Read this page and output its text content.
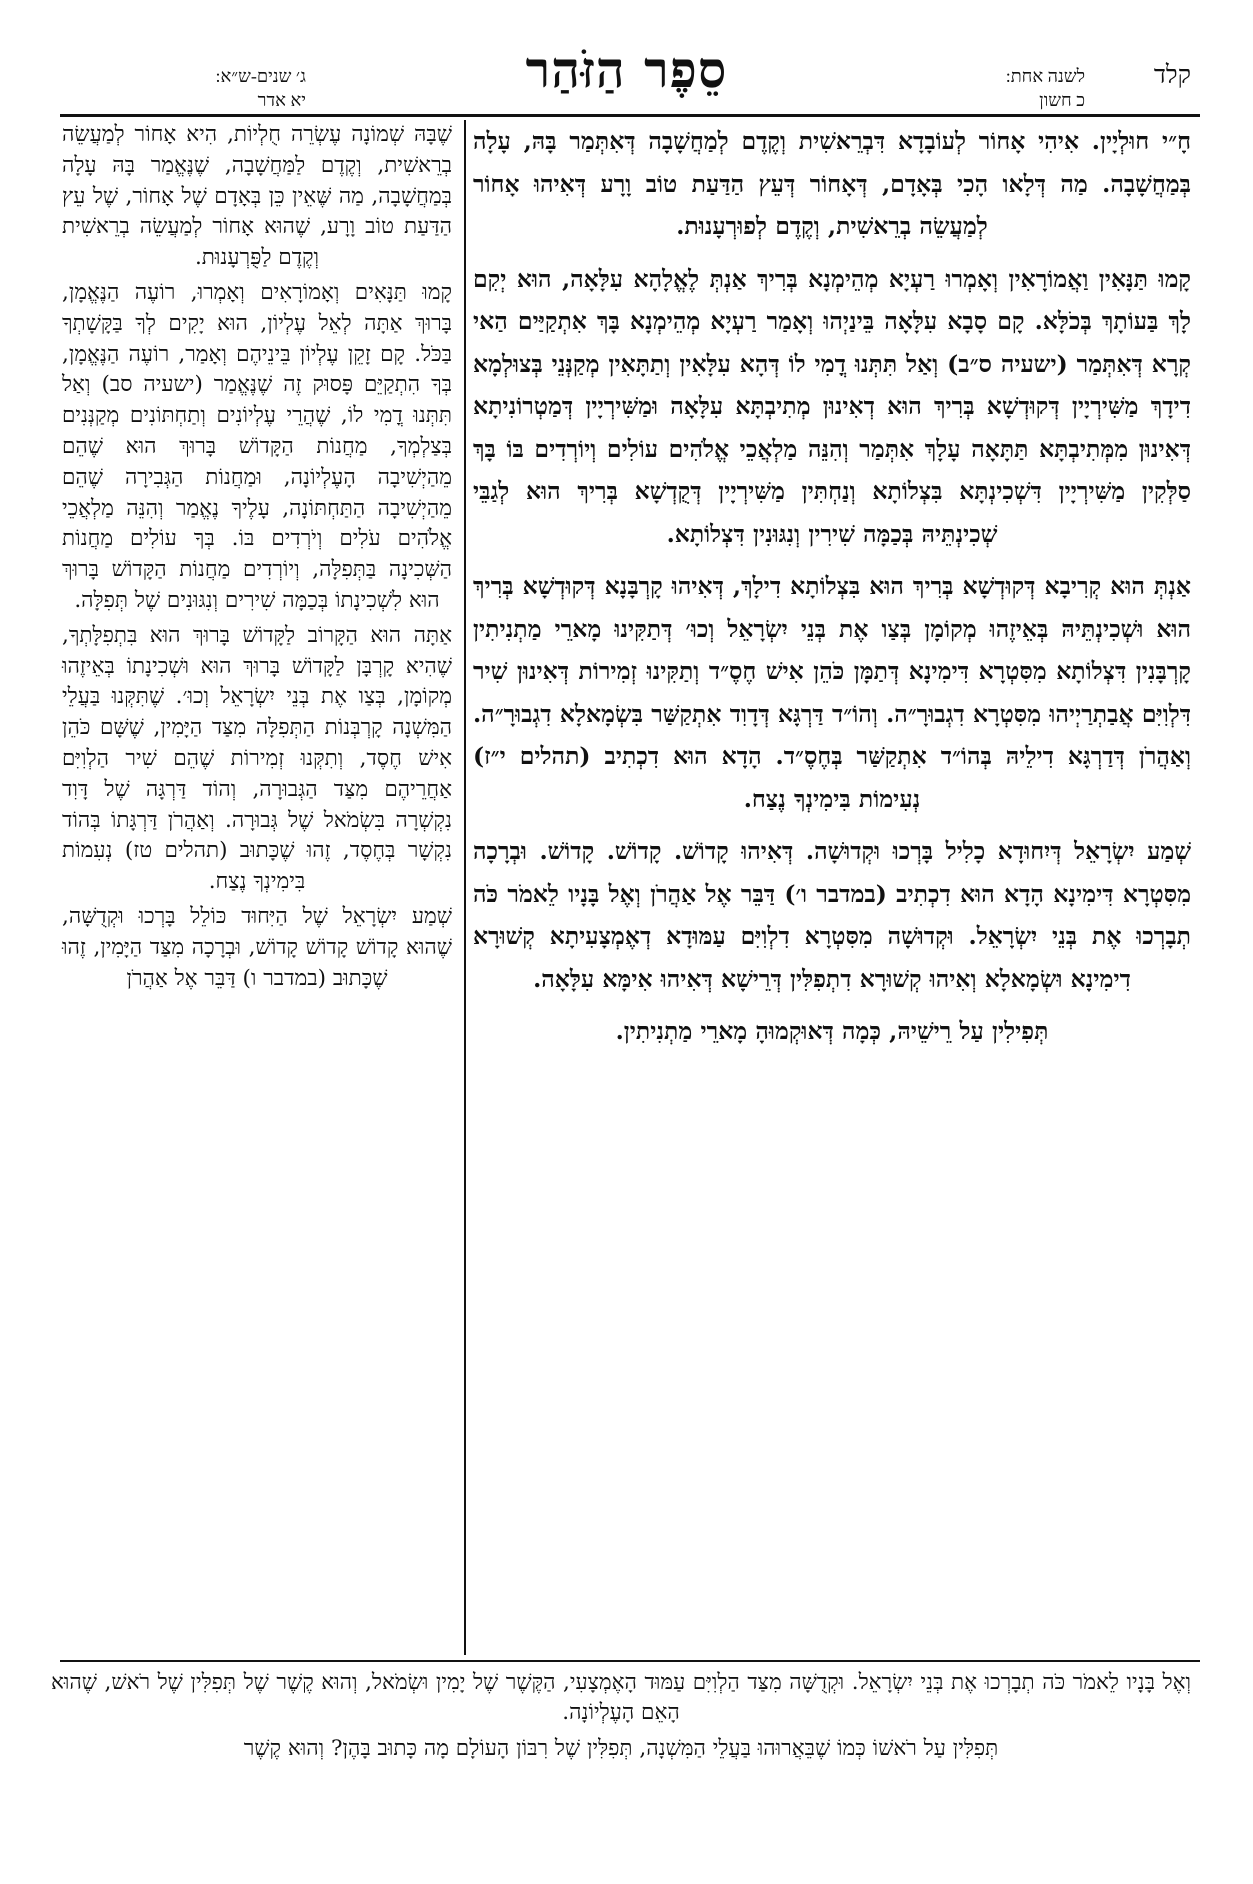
קלד
לשנה אחת:
כ חשון
סֵפֶר הַזֹּהַר
ג׳ שנים-ש״א:
יא אדר

חָ״י חוּלְיָין. אִיהִי אָחוֹר לְעוֹבָדָא דִּבְרֵאשִׁית וְקֶדֶם לְמַחֲשָׁבָה דְּאִתְּמַר בָּהּ, עָלָה בְּמַחֲשָׁבָה. מַה דְּלָאו הָכִי בְּאָדָם, דְּאָחוֹר דְּעֵץ הַדַּעַת טוֹב וָרָע דְּאִיהוּ אָחוֹר לְמַעֲשֵׂה בְרֵאשִׁית, וְקֶדֶם לְפוּרְעָנוּת.

קָמוּ תַּנָּאִין וַאֲמוֹרָאִין וְאָמְרוּ רַעְיָא מְהֵימְנָא בְּרִיךְ אַנְתְּ לֶאֱלָהָא עִלָּאָה, הוּא יְקִם לָךְ בַּעוֹתָךְ בְּכֹלָּא. קָם סָבָא עִלָּאָה בֵּינַיְהוּ וְאָמַר רַעְיָא מְהֵימְנָא בָּךְ אִתְקַיַּים הַאי קְרָא דְּאִתְּמַר (ישעיה ס״ב) וְאַל תִּתְּנוּ דֳמִי לוֹ דְּהָא עִלָּאִין וְתַתָּאִין מְקַנְּנֵי בְּצוּלְמָא דִידָךְ מַשִּׁירְיָין דְּקוּדְשָׁא בְּרִיךְ הוּא דְאִינוּן מְתִיבְתָּא עִלָּאָה וּמַשִּׁירְיָין דְּמַטְרוֹנִיתָא דְּאִינוּן מִמְּתִיבְתָּא תַּתָּאָה עָלָךְ אִתְּמַר וְהִנֵּה מַלְאֲכֵי אֱלֹהִים עוֹלִים וְיוֹרְדִים בּוֹ בָּךְ סַלְּקִין מַשִּׁירְיָין דִּשְׁכִינְתָּא בִּצְלוֹתָא וְנַחְתִּין מַשִּׁירְיָין דְּקֻדְשָׁא בְּרִיךְ הוּא לְגַבֵּי שְׁכִינְתֵּיהּ בְּכַמָּה שִׁירִין וְנִגּוּנִין דִּצְלוֹתָא.

אַנְתְּ הוּא קְרִיבָא דְּקוּדְשָׁא בְּרִיךְ הוּא בִּצְלוֹתָא דִילָךְ, דְּאִיהוּ קָרְבָּנָא דְּקוּדְשָׁא בְּרִיךְ הוּא וּשְׁכִינְתֵּיהּ בְּאֵיזֶהוּ מְקוֹמָן בְּצַו אֶת בְּנֵי יִשְׂרָאֵל וְכוּ׳ דְּתַקִּינוּ מָארֵי מַתְנִיתִין קָרְבָּנִין דִּצְלוֹתָא מִסִּטְרָא דִּימִינָא דְּתַמָּן כֹּהֵן אִישׁ חֶסֶ״ד וְתַקִּינוּ זְמִירוֹת דְּאִינוּן שִׁיר דִּלְוִיִּם אֲבַתְרַיְיהוּ מִסִּטְרָא דִגְבוּרָ״ה. וְהוֹ״ד דַּרְגָּא דְּדָוִד אִתְקַשַּׁר בִּשְׂמָאלָא דִגְבוּרָ״ה. וְאַהֲרֹן דְּדַרְגָּא דִילֵיהּ בְּהוֹ״ד אִתְקַשַּׁר בְּחֶסֶ״ד. הָדָא הוּא דִכְתִיב (תהלים י״ז) נְעִימוֹת בִּימִינְךָ נֶצַח.

שְׁמַע יִשְׂרָאֵל דְּיִחוּדָא כָלִיל בָּרְכוּ וּקְדוּשָׁה. דְּאִיהוּ קָדוֹשׁ. קָדוֹשׁ. קָדוֹשׁ. וּבְרָכָה מִסִּטְרָא דִּימִינָא הָדָא הוּא דִכְתִיב (במדבר ו׳) דַּבֵּר אֶל אַהֲרֹן וְאֶל בָּנָיו לֵאמֹר כֹּה תְבָרְכוּ אֶת בְּנֵי יִשְׂרָאֵל. וּקְדוּשָׁה מִסִּטְרָא דִלְוִיִּם עַמּוּדָא דְאֶמְצָעִיתָא קְשׁוּרָא דִימִינָא וּשְׂמָאלָא וְאִיהוּ קְשׁוּרָא דִתְפִלִּין דְּרֵישָׁא דְּאִיהוּ אִימָּא עִלָּאָה.

תְּפִילִין עַל רֵישֵׁיהּ, כְּמָה דְּאוּקְמוּהָ מָארֵי מַתְנִיתִין.

שֶׁבָּהּ שְׁמוֹנָה עֶשְׂרֵה חֻלְיוֹת, הִיא אָחוֹר לְמַעֲשֵׂה בְרֵאשִׁית, וְקֶדֶם לַמַּחֲשָׁבָה, שֶׁנֶּאֱמַר בָּהּ עָלָה בְּמַחֲשָׁבָה, מַה שֶּׁאֵין כֵּן בְּאָדָם שֶׁל אָחוֹר, שֶׁל עֵץ הַדַּעַת טוֹב וָרָע, שֶׁהוּא אָחוֹר לְמַעֲשֵׂה בְרֵאשִׁית וְקֶדֶם לַפֻּרְעָנוּת.

קָמוּ תַּנָּאִים וְאָמוֹרָאִים וְאָמְרוּ, רוֹעֶה הַנֶּאֱמָן, בָּרוּךְ אַתָּה לְאֵל עֶלְיוֹן, הוּא יָקִים לְךָ בַּקָּשָׁתְךָ בַּכֹּל. קָם זָקֵן עֶלְיוֹן בֵּינֵיהֶם וְאָמַר, רוֹעֶה הַנֶּאֱמָן, בְּךָ הִתְקַיֵּם פָּסוּק זֶה שֶׁנֶּאֱמַר (ישעיה סב) וְאַל תִּתְּנוּ דֳמִי לוֹ, שֶׁהֲרֵי עֶלְיוֹנִים וְתַחְתּוֹנִים מְקַנְּנִים בְּצַלְמְךָ, מַחֲנוֹת הַקָּדוֹשׁ בָּרוּךְ הוּא שֶׁהֵם מֵהַיְשִׁיבָה הָעֶלְיוֹנָה, וּמַחֲנוֹת הַגְּבִירָה שֶׁהֵם מֵהַיְשִׁיבָה הַתַּחְתּוֹנָה, עָלֶיךָ נֶאֱמַר וְהִנֵּה מַלְאֲכֵי אֱלֹהִים עֹלִים וְיֹרְדִים בּוֹ. בְּךָ עוֹלִים מַחֲנוֹת הַשְּׁכִינָה בַּתְּפִלָּה, וְיוֹרְדִים מַחֲנוֹת הַקָּדוֹשׁ בָּרוּךְ הוּא לִשְׁכִינָתוֹ בְּכַמָּה שִׁירִים וְנִגּוּנִים שֶׁל תְּפִלָּה.

אַתָּה הוּא הַקָּרוֹב לַקָּדוֹשׁ בָּרוּךְ הוּא בִּתְפִלָּתְךָ, שֶׁהִיא קָרְבָּן לַקָּדוֹשׁ בָּרוּךְ הוּא וּשְׁכִינָתוֹ בְּאֵיזֶהוּ מְקוֹמָן, בְּצַו אֶת בְּנֵי יִשְׂרָאֵל וְכוּ׳. שֶׁתִּקְּנוּ בַּעֲלֵי הַמִּשְׁנָה קָרְבְּנוֹת הַתְּפִלָּה מִצַּד הַיָּמִין, שֶׁשָּׁם כֹּהֵן אִישׁ חֶסֶד, וְתִקְּנוּ זְמִירוֹת שֶׁהֵם שִׁיר הַלְוִיִּם אַחֲרֵיהֶם מִצַּד הַגְּבוּרָה, וְהוֹד דַּרְגָּה שֶׁל דָּוִד נִקְשְׁרָה בִּשְׂמֹאל שֶׁל גְּבוּרָה. וְאַהֲרֹן דַּרְגָּתוֹ בְּהוֹד נִקְשָׁר בְּחֶסֶד, זֶהוּ שֶׁכָּתוּב (תהלים טז) נְעִמוֹת בִּימִינְךָ נֶצַח.

שְׁמַע יִשְׂרָאֵל שֶׁל הַיִּחוּד כּוֹלֵל בָּרְכוּ וּקְדֻשָּׁה, שֶׁהוּא קָדוֹשׁ קָדוֹשׁ קָדוֹשׁ, וּבְרָכָה מִצַּד הַיָּמִין, זֶהוּ שֶׁכָּתוּב (במדבר ו) דַּבֵּר אֶל אַהֲרֹן

וְאֶל בָּנָיו לֵאמֹר כֹּה תְבָרְכוּ אֶת בְּנֵי יִשְׂרָאֵל. וּקְדֻשָּׁה מִצַּד הַלְוִיִּם עַמּוּד הָאֶמְצָעִי, הַקֶּשֶׁר שֶׁל יָמִין וּשְׂמֹאל, וְהוּא קֶשֶׁר שֶׁל תְּפִלִּין שֶׁל רֹאשׁ, שֶׁהוּא הָאֵם הָעֶלְיוֹנָה.

תְּפִלִּין עַל רֹאשׁוֹ כְּמוֹ שֶׁבֵּאֲרוּהוּ בַּעֲלֵי הַמִּשְׁנָה, תְּפִלִּין שֶׁל רִבּוֹן הָעוֹלָם מָה כָּתוּב בָּהֶן? וְהוּא קֶשֶׁר
